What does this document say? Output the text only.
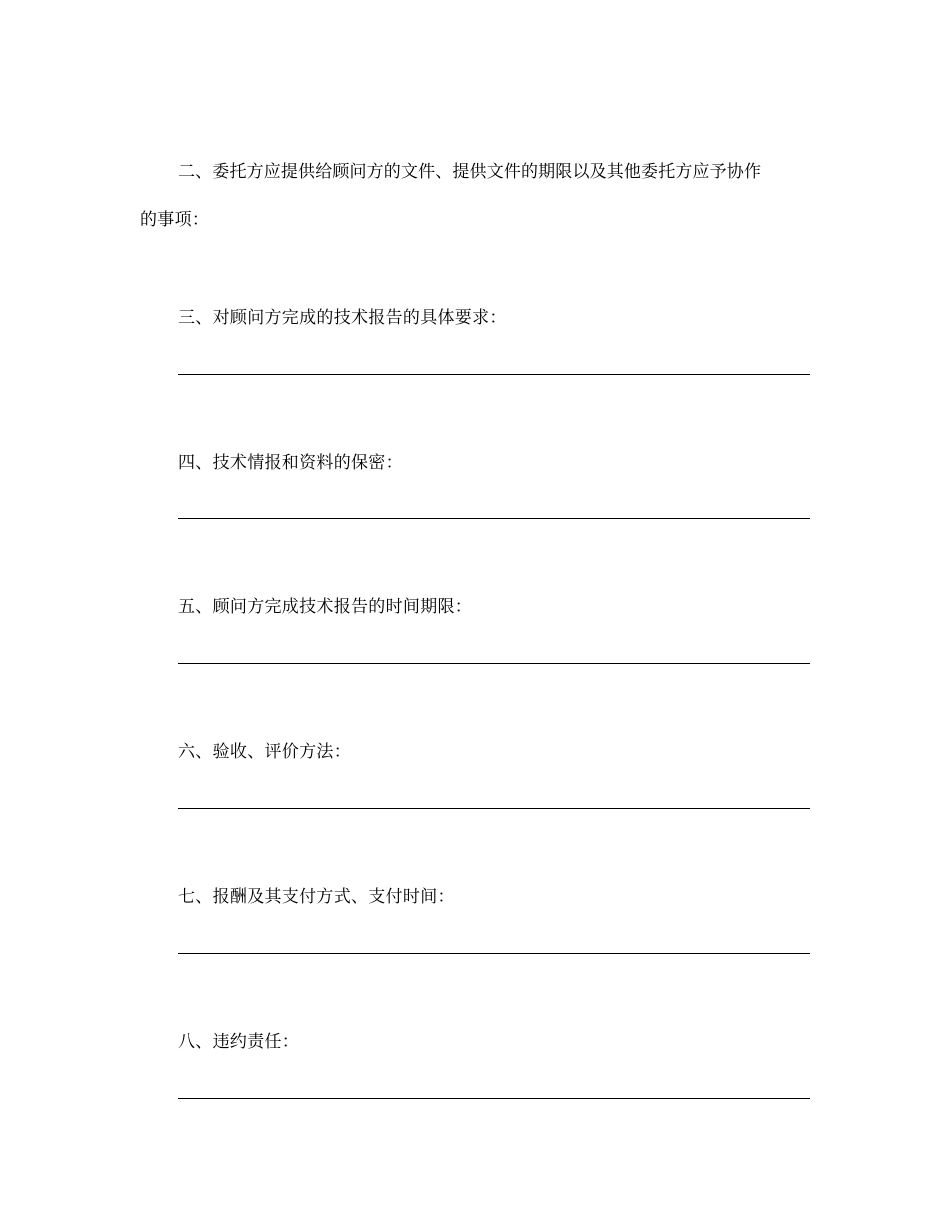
二、委托方应提供给顾问方的文件、提供文件的期限以及其他委托方应予协作
的事项：
三、对顾问方完成的技术报告的具体要求：
四、技术情报和资料的保密：
五、顾问方完成技术报告的时间期限：
六、验收、评价方法：
七、报酬及其支付方式、支付时间：
八、违约责任：
